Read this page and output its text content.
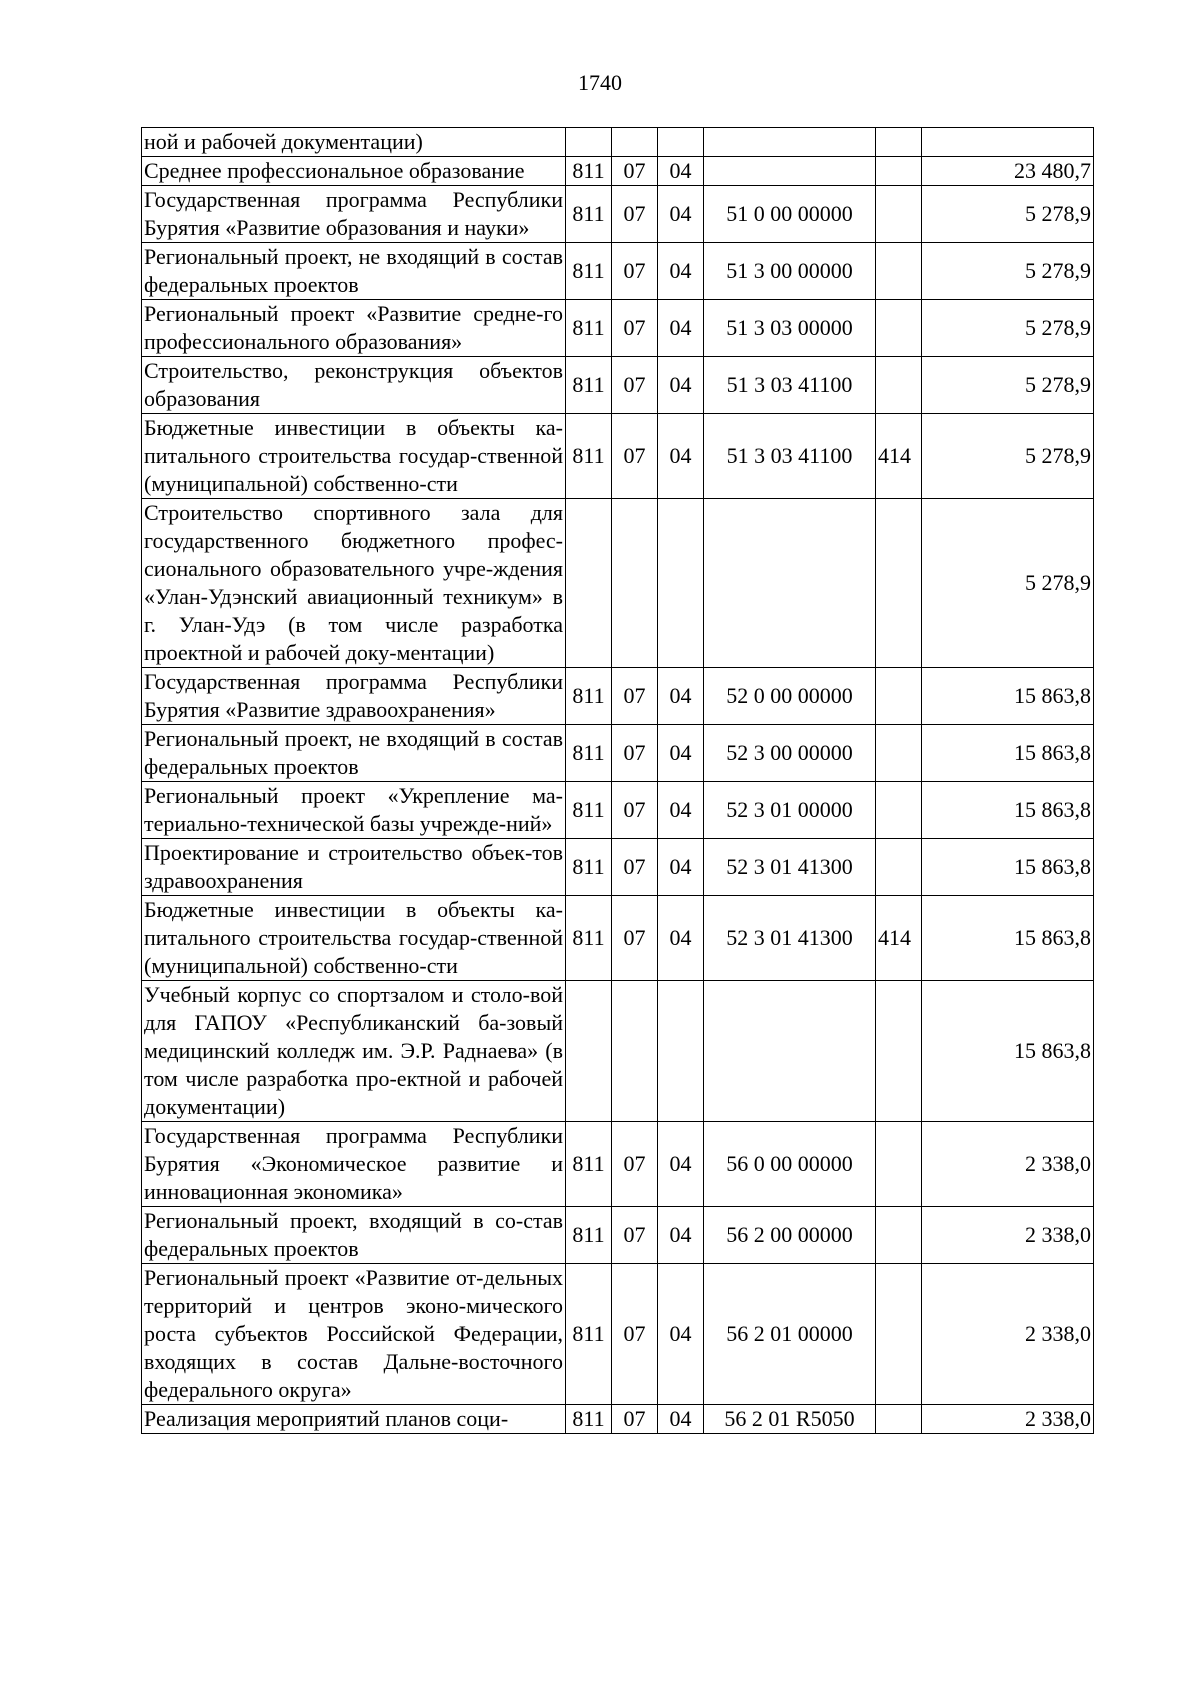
1740
ной и рабочей документации)						
Среднее профессиональное образование	811	07	04			23 480,7
Государственная программа Республики Бурятия «Развитие образования и науки»	811	07	04	51 0 00 00000		5 278,9
Региональный проект, не входящий в состав федеральных проектов	811	07	04	51 3 00 00000		5 278,9
Региональный проект «Развитие средне-го профессионального образования»	811	07	04	51 3 03 00000		5 278,9
Строительство, реконструкция объектов образования	811	07	04	51 3 03 41100		5 278,9
Бюджетные инвестиции в объекты ка-питального строительства государ-ственной (муниципальной) собственно-сти	811	07	04	51 3 03 41100	414	5 278,9
Строительство спортивного зала для государственного бюджетного профес-сионального образовательного учре-ждения «Улан-Удэнский авиационный техникум» в г. Улан-Удэ (в том числе разработка проектной и рабочей доку-ментации)						5 278,9
Государственная программа Республики Бурятия «Развитие здравоохранения»	811	07	04	52 0 00 00000		15 863,8
Региональный проект, не входящий в состав федеральных проектов	811	07	04	52 3 00 00000		15 863,8
Региональный проект «Укрепление ма-териально-технической базы учрежде-ний»	811	07	04	52 3 01 00000		15 863,8
Проектирование и строительство объек-тов здравоохранения	811	07	04	52 3 01 41300		15 863,8
Бюджетные инвестиции в объекты ка-питального строительства государ-ственной (муниципальной) собственно-сти	811	07	04	52 3 01 41300	414	15 863,8
Учебный корпус со спортзалом и столо-вой для ГАПОУ «Республиканский ба-зовый медицинский колледж им. Э.Р. Раднаева» (в том числе разработка про-ектной и рабочей документации)						15 863,8
Государственная программа Республики Бурятия «Экономическое развитие и инновационная экономика»	811	07	04	56 0 00 00000		2 338,0
Региональный проект, входящий в со-став федеральных проектов	811	07	04	56 2 00 00000		2 338,0
Региональный проект «Развитие от-дельных территорий и центров эконо-мического роста субъектов Российской Федерации, входящих в состав Дальне-восточного федерального округа»	811	07	04	56 2 01 00000		2 338,0
Реализация мероприятий планов соци-	811	07	04	56 2 01 R5050		2 338,0
